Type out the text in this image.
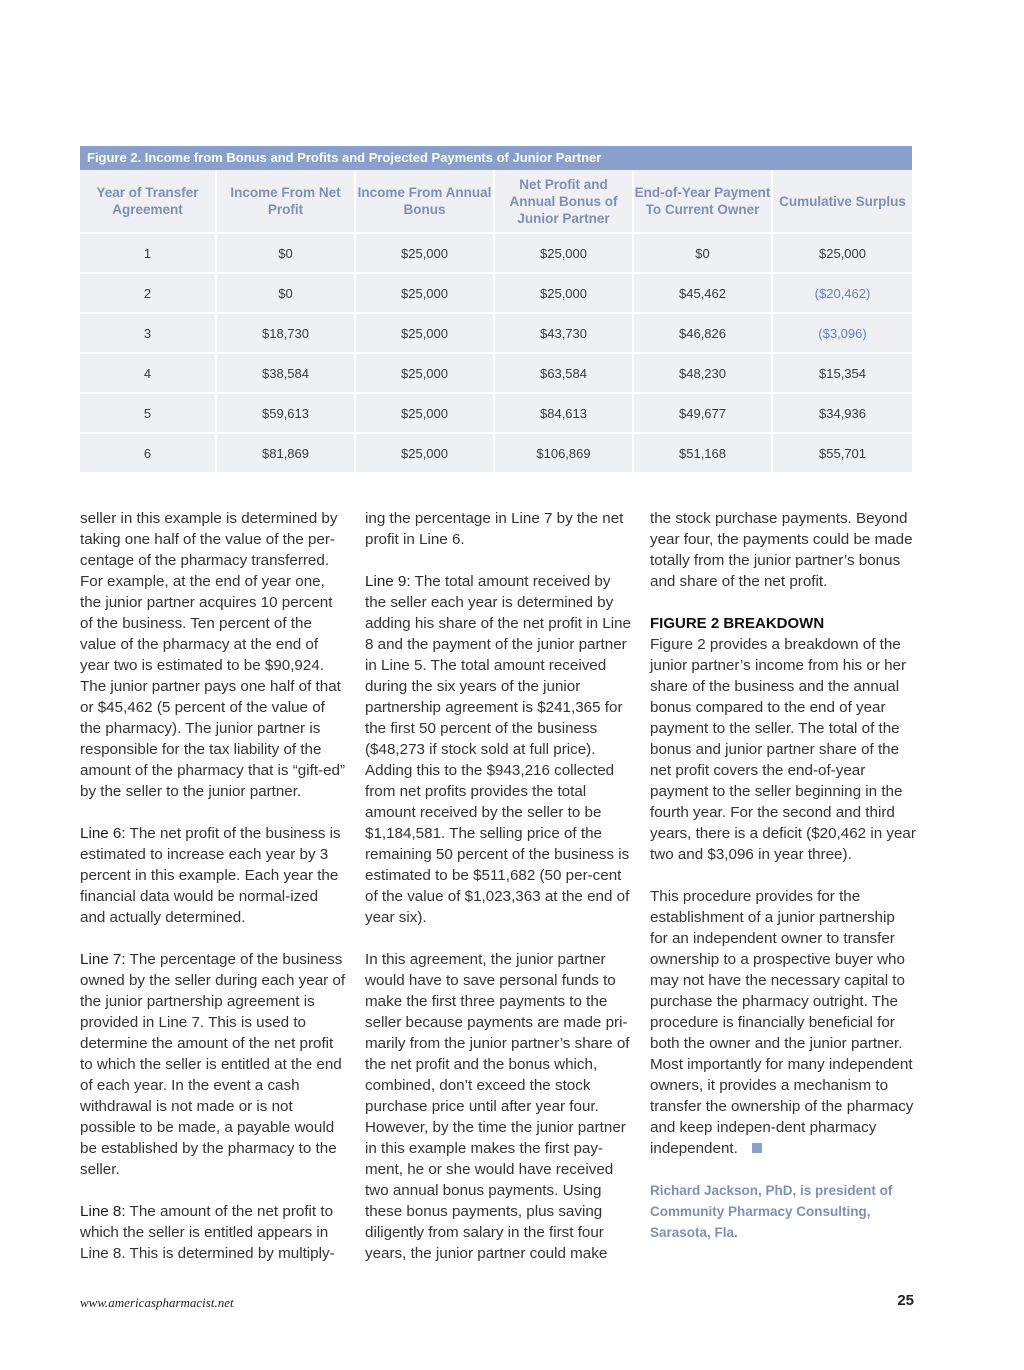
Figure 2. Income from Bonus and Profits and Projected Payments of Junior Partner
Year of Transfer Agreement	Income From Net Profit	Income From Annual Bonus	Net Profit and Annual Bonus of Junior Partner	End-of-Year Payment To Current Owner	Cumulative Surplus
1	$0	$25,000	$25,000	$0	$25,000
2	$0	$25,000	$25,000	$45,462	($20,462)
3	$18,730	$25,000	$43,730	$46,826	($3,096)
4	$38,584	$25,000	$63,584	$48,230	$15,354
5	$59,613	$25,000	$84,613	$49,677	$34,936
6	$81,869	$25,000	$106,869	$51,168	$55,701

seller in this example is determined by taking one half of the value of the per-centage of the pharmacy transferred. For example, at the end of year one, the junior partner acquires 10 percent of the business. Ten percent of the value of the pharmacy at the end of year two is estimated to be $90,924. The junior partner pays one half of that or $45,462 (5 percent of the value of the pharmacy). The junior partner is responsible for the tax liability of the amount of the pharmacy that is “gift-ed” by the seller to the junior partner.

Line 6: The net profit of the business is estimated to increase each year by 3 percent in this example. Each year the financial data would be normal-ized and actually determined.

Line 7: The percentage of the business owned by the seller during each year of the junior partnership agreement is provided in Line 7. This is used to determine the amount of the net profit to which the seller is entitled at the end of each year. In the event a cash withdrawal is not made or is not possible to be made, a payable would be established by the pharmacy to the seller.

Line 8: The amount of the net profit to which the seller is entitled appears in Line 8. This is determined by multiply-

ing the percentage in Line 7 by the net profit in Line 6.

Line 9: The total amount received by the seller each year is determined by adding his share of the net profit in Line 8 and the payment of the junior partner in Line 5. The total amount received during the six years of the junior partnership agreement is $241,365 for the first 50 percent of the business ($48,273 if stock sold at full price). Adding this to the $943,216 collected from net profits provides the total amount received by the seller to be $1,184,581. The selling price of the remaining 50 percent of the business is estimated to be $511,682 (50 per-cent of the value of $1,023,363 at the end of year six).

In this agreement, the junior partner would have to save personal funds to make the first three payments to the seller because payments are made pri-marily from the junior partner’s share of the net profit and the bonus which, combined, don’t exceed the stock purchase price until after year four. However, by the time the junior partner in this example makes the first pay-ment, he or she would have received two annual bonus payments. Using these bonus payments, plus saving diligently from salary in the first four years, the junior partner could make

the stock purchase payments. Beyond year four, the payments could be made totally from the junior partner’s bonus and share of the net profit.

FIGURE 2 BREAKDOWN

Figure 2 provides a breakdown of the junior partner’s income from his or her share of the business and the annual bonus compared to the end of year payment to the seller. The total of the bonus and junior partner share of the net profit covers the end-of-year payment to the seller beginning in the fourth year. For the second and third years, there is a deficit ($20,462 in year two and $3,096 in year three).

This procedure provides for the establishment of a junior partnership for an independent owner to transfer ownership to a prospective buyer who may not have the necessary capital to purchase the pharmacy outright. The procedure is financially beneficial for both the owner and the junior partner. Most importantly for many independent owners, it provides a mechanism to transfer the ownership of the pharmacy and keep indepen-dent pharmacy independent.

Richard Jackson, PhD, is president of Community Pharmacy Consulting, Sarasota, Fla.
www.americaspharmacist.net	25
